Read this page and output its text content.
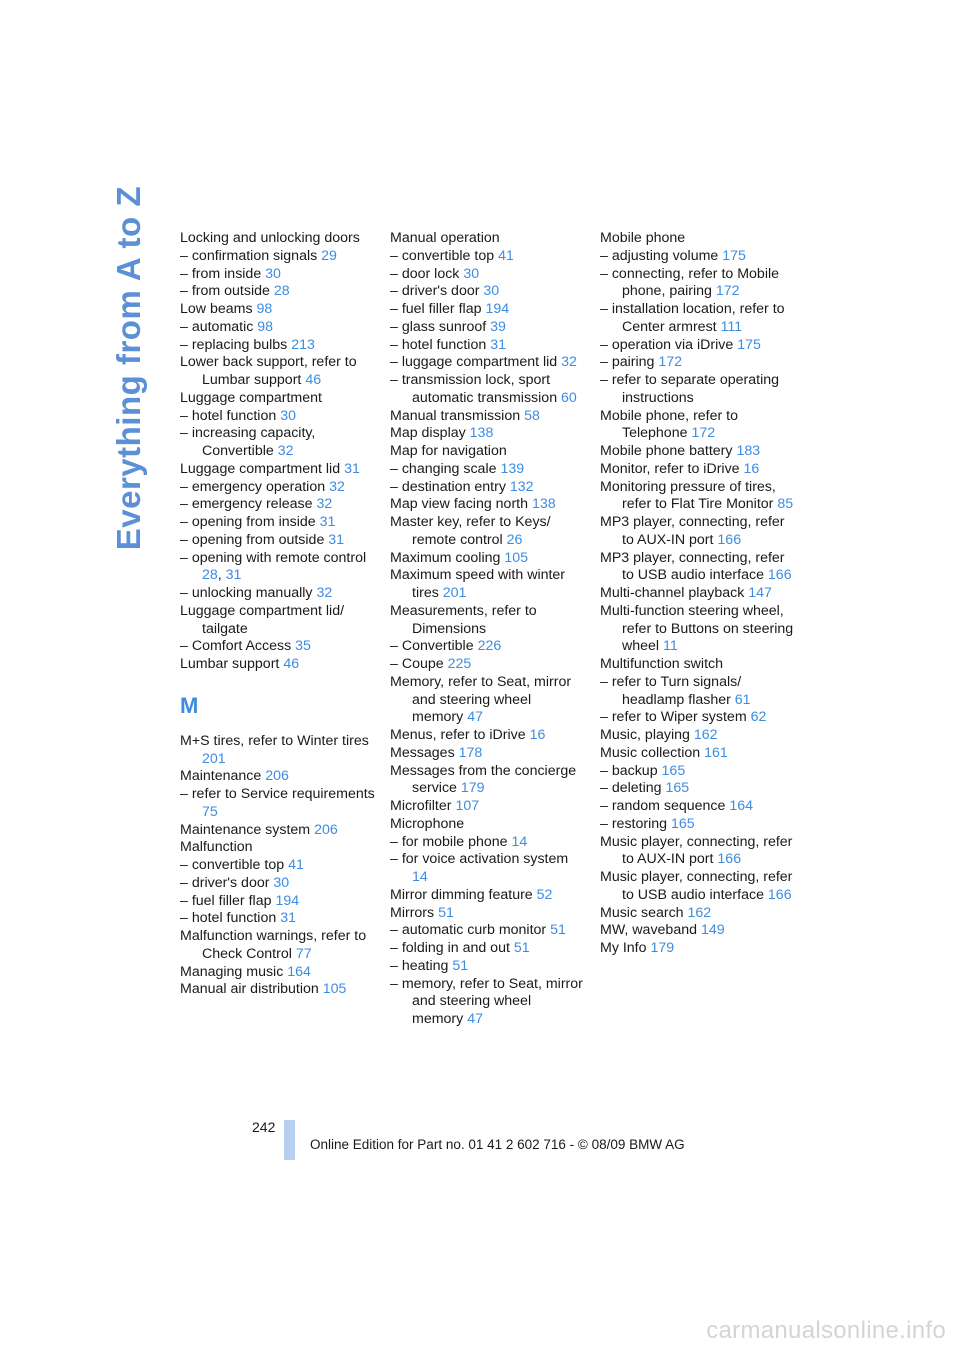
Everything from A to Z Locking and unlocking doors
– confirmation signals 29
– from inside 30
– from outside 28
Low beams 98
– automatic 98
– replacing bulbs 213
Lower back support, refer to Lumbar support 46
Luggage compartment
– hotel function 30
– increasing capacity, Convertible 32
Luggage compartment lid 31
– emergency operation 32
– emergency release 32
– opening from inside 31
– opening from outside 31
– opening with remote control 28, 31
– unlocking manually 32
Luggage compartment lid/ tailgate
– Comfort Access 35
Lumbar support 46
M
M+S tires, refer to Winter tires 201
Maintenance 206
– refer to Service requirements 75
Maintenance system 206
Malfunction
– convertible top 41
– driver's door 30
– fuel filler flap 194
– hotel function 31
Malfunction warnings, refer to Check Control 77
Managing music 164
Manual air distribution 105
Manual operation
– convertible top 41
– door lock 30
– driver's door 30
– fuel filler flap 194
– glass sunroof 39
– hotel function 31
– luggage compartment lid 32
– transmission lock, sport automatic transmission 60
Manual transmission 58
Map display 138
Map for navigation
– changing scale 139
– destination entry 132
Map view facing north 138
Master key, refer to Keys/ remote control 26
Maximum cooling 105
Maximum speed with winter tires 201
Measurements, refer to Dimensions
– Convertible 226
– Coupe 225
Memory, refer to Seat, mirror and steering wheel memory 47
Menus, refer to iDrive 16
Messages 178
Messages from the concierge service 179
Microfilter 107
Microphone
– for mobile phone 14
– for voice activation system 14
Mirror dimming feature 52
Mirrors 51
– automatic curb monitor 51
– folding in and out 51
– heating 51
– memory, refer to Seat, mirror and steering wheel memory 47
Mobile phone
– adjusting volume 175
– connecting, refer to Mobile phone, pairing 172
– installation location, refer to Center armrest 111
– operation via iDrive 175
– pairing 172
– refer to separate operating instructions
Mobile phone, refer to Telephone 172
Mobile phone battery 183
Monitor, refer to iDrive 16
Monitoring pressure of tires, refer to Flat Tire Monitor 85
MP3 player, connecting, refer to AUX-IN port 166
MP3 player, connecting, refer to USB audio interface 166
Multi-channel playback 147
Multi-function steering wheel, refer to Buttons on steering wheel 11
Multifunction switch
– refer to Turn signals/ headlamp flasher 61
– refer to Wiper system 62
Music, playing 162
Music collection 161
– backup 165
– deleting 165
– random sequence 164
– restoring 165
Music player, connecting, refer to AUX-IN port 166
Music player, connecting, refer to USB audio interface 166
Music search 162
MW, waveband 149
My Info 179
242
Online Edition for Part no. 01 41 2 602 716 - © 08/09 BMW AG
carmanualsonline.info
